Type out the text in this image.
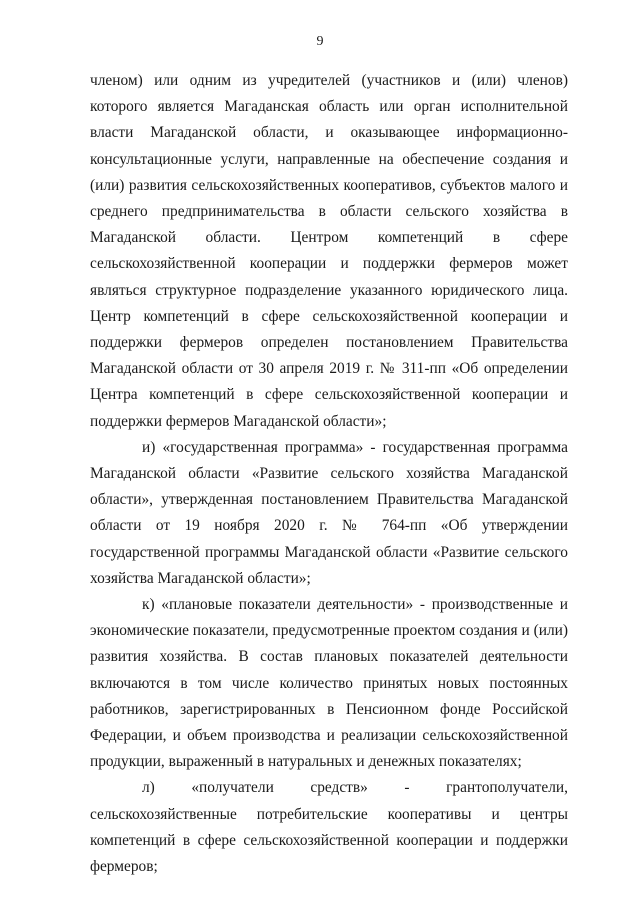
9

членом) или одним из учредителей (участников и (или) членов) которого является Магаданская область или орган исполнительной власти Магаданской области, и оказывающее информационно-консультационные услуги, направленные на обеспечение создания и (или) развития сельскохозяйственных кооперативов, субъектов малого и среднего предпринимательства в области сельского хозяйства в Магаданской области. Центром компетенций в сфере сельскохозяйственной кооперации и поддержки фермеров может являться структурное подразделение указанного юридического лица. Центр компетенций в сфере сельскохозяйственной кооперации и поддержки фермеров определен постановлением Правительства Магаданской области от 30 апреля 2019 г. № 311-пп «Об определении Центра компетенций в сфере сельскохозяйственной кооперации и поддержки фермеров Магаданской области»;

и) «государственная программа» - государственная программа Магаданской области «Развитие сельского хозяйства Магаданской области», утвержденная постановлением Правительства Магаданской области от 19 ноября 2020 г. № 764-пп «Об утверждении государственной программы Магаданской области «Развитие сельского хозяйства Магаданской области»;

к) «плановые показатели деятельности» - производственные и экономические показатели, предусмотренные проектом создания и (или) развития хозяйства. В состав плановых показателей деятельности включаются в том числе количество принятых новых постоянных работников, зарегистрированных в Пенсионном фонде Российской Федерации, и объем производства и реализации сельскохозяйственной продукции, выраженный в натуральных и денежных показателях;

л) «получатели средств» - грантополучатели, сельскохозяйственные потребительские кооперативы и центры компетенций в сфере сельскохозяйственной кооперации и поддержки фермеров;
